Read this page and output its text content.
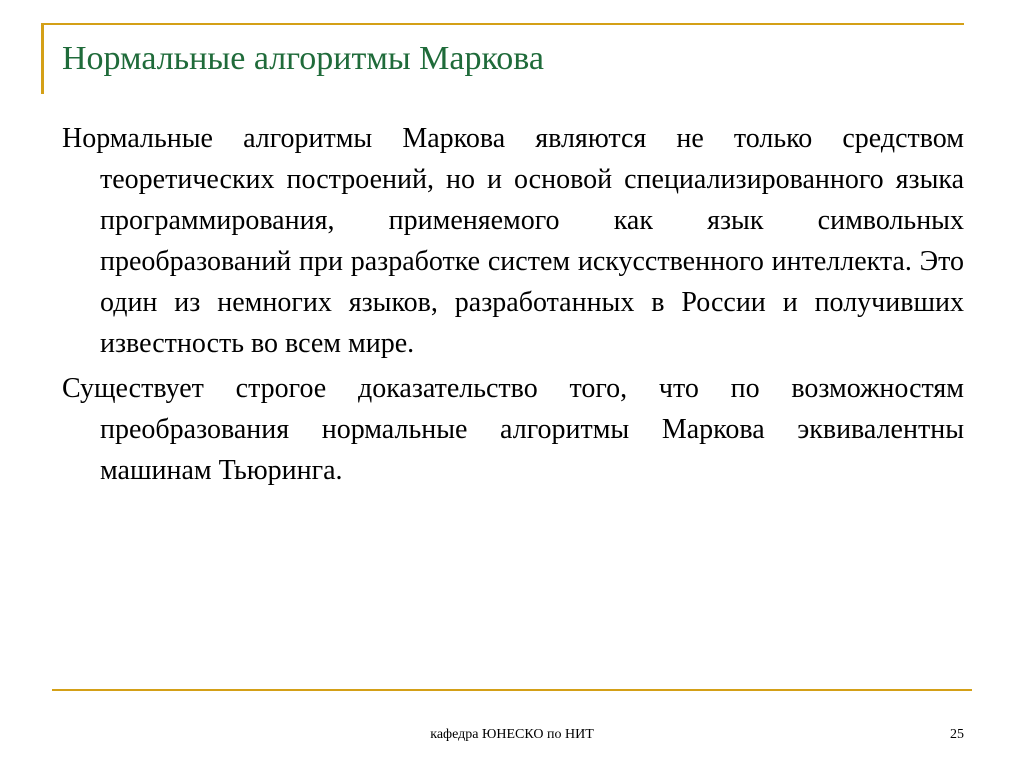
Нормальные алгоритмы Маркова

Нормальные алгоритмы Маркова являются не только средством теоретических построений, но и основой специализированного языка программирования, применяемого как язык символьных преобразований при разработке систем искусственного интеллекта. Это один из немногих языков, разработанных в России и получивших известность во всем мире.

Существует строгое доказательство того, что по возможностям преобразования нормальные алгоритмы Маркова эквивалентны машинам Тьюринга.

кафедра ЮНЕСКО по НИТ	25
